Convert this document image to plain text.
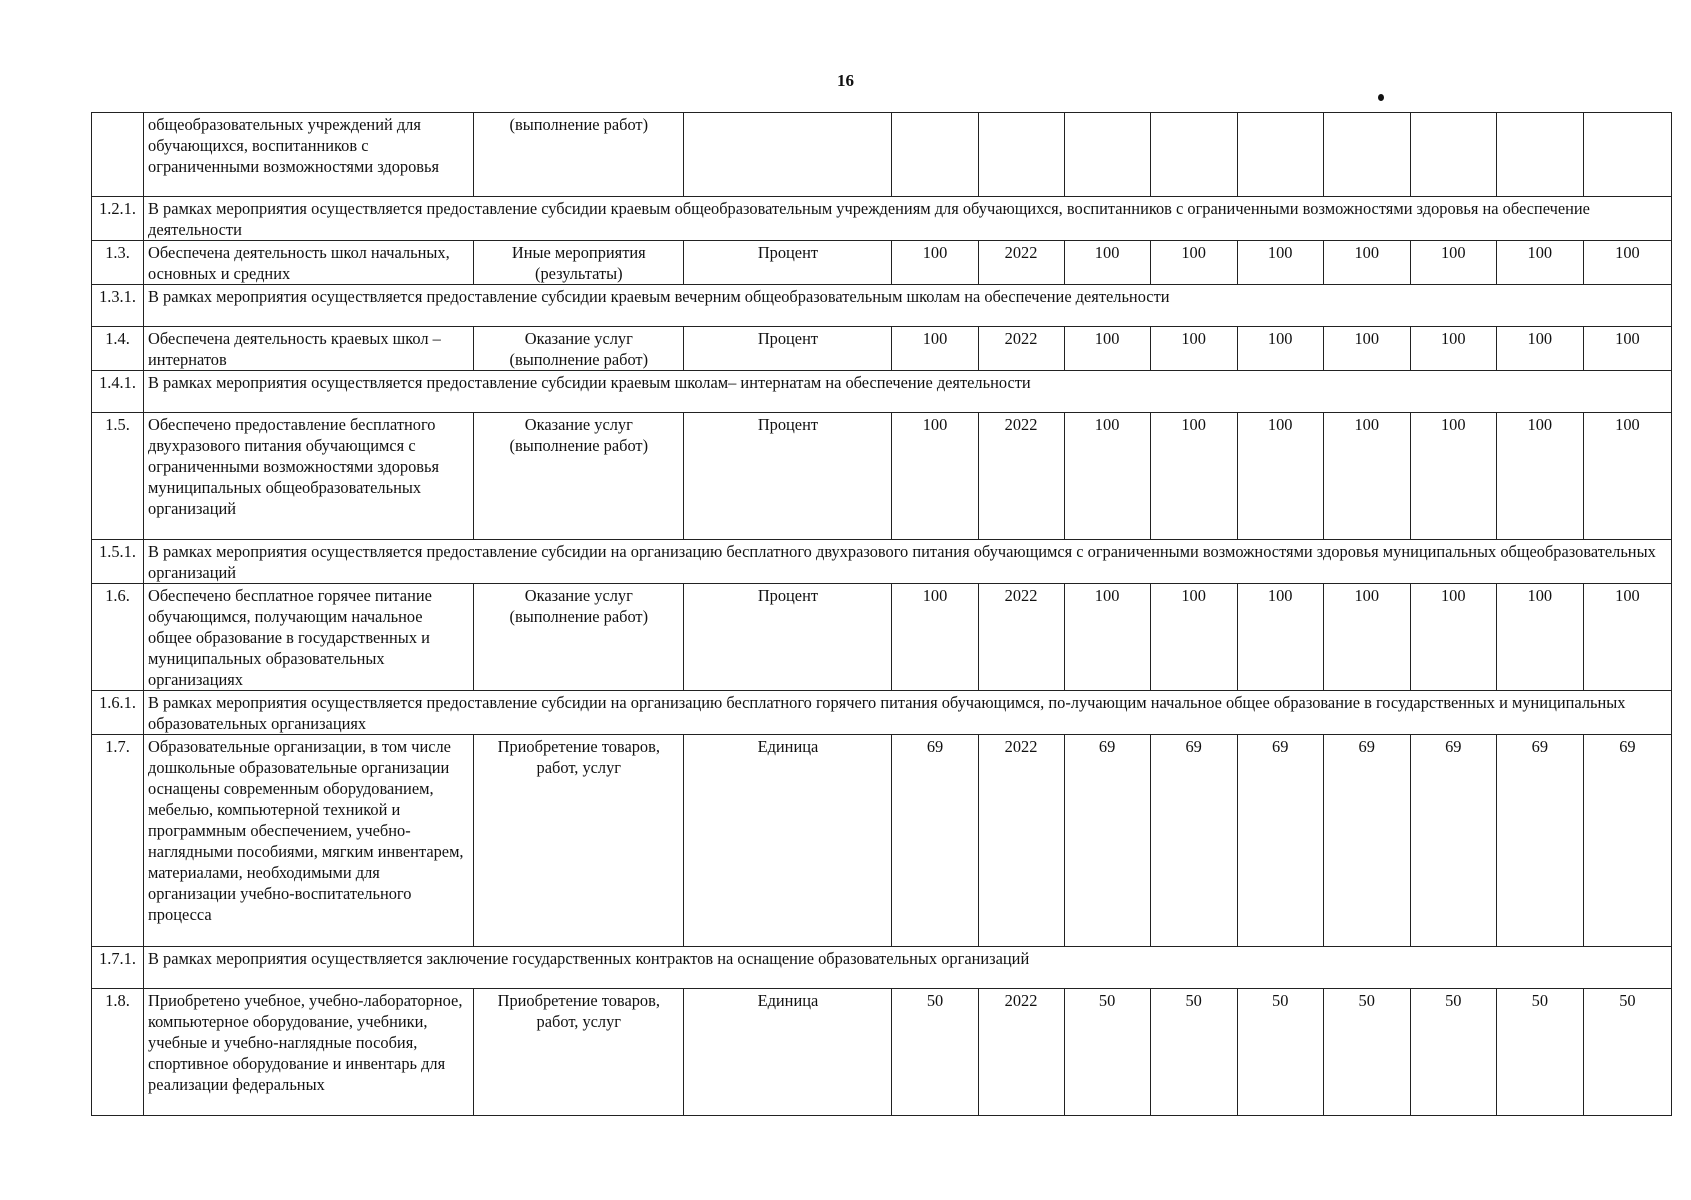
16
	общеобразовательных учреждений для обучающихся, воспитанников с ограниченными возможностями здоровья	(выполнение работ)										
1.2.1.	В рамках мероприятия осуществляется предоставление субсидии краевым общеобразовательным учреждениям для обучающихся, воспитанников с ограниченными возможностями здоровья на обеспечение деятельности											
1.3.	Обеспечена деятельность школ начальных, основных и средних	Иные мероприятия (результаты)	Процент	100	2022	100	100	100	100	100	100	100
1.3.1.	В рамках мероприятия осуществляется предоставление субсидии краевым вечерним общеобразовательным школам на обеспечение деятельности											
1.4.	Обеспечена деятельность краевых школ – интернатов	Оказание услуг (выполнение работ)	Процент	100	2022	100	100	100	100	100	100	100
1.4.1.	В рамках мероприятия осуществляется предоставление субсидии краевым школам– интернатам на обеспечение деятельности											
1.5.	Обеспечено предоставление бесплатного двухразового питания обучающимся с ограниченными возможностями здоровья муниципальных общеобразовательных организаций	Оказание услуг (выполнение работ)	Процент	100	2022	100	100	100	100	100	100	100
1.5.1.	В рамках мероприятия осуществляется предоставление субсидии на организацию бесплатного двухразового питания обучающимся с ограниченными возможностями здоровья муниципальных общеобразовательных организаций											
1.6.	Обеспечено бесплатное горячее питание обучающимся, получающим начальное общее образование в государственных и муниципальных образовательных организациях	Оказание услуг (выполнение работ)	Процент	100	2022	100	100	100	100	100	100	100
1.6.1.	В рамках мероприятия осуществляется предоставление субсидии на организацию бесплатного горячего питания обучающимся, по-лучающим начальное общее образование в государственных и муниципальных образовательных организациях											
1.7.	Образовательные организации, в том числе дошкольные образовательные организации оснащены современным оборудованием, мебелью, компьютерной техникой и программным обеспечением, учебно-наглядными пособиями, мягким инвентарем, материалами, необходимыми для организации учебно-воспитательного процесса	Приобретение товаров, работ, услуг	Единица	69	2022	69	69	69	69	69	69	69
1.7.1.	В рамках мероприятия осуществляется заключение государственных контрактов на оснащение образовательных организаций											
1.8.	Приобретено учебное, учебно-лабораторное, компьютерное оборудование, учебники, учебные и учебно-наглядные пособия, спортивное оборудование и инвентарь для реализации федеральных	Приобретение товаров, работ, услуг	Единица	50	2022	50	50	50	50	50	50	50
